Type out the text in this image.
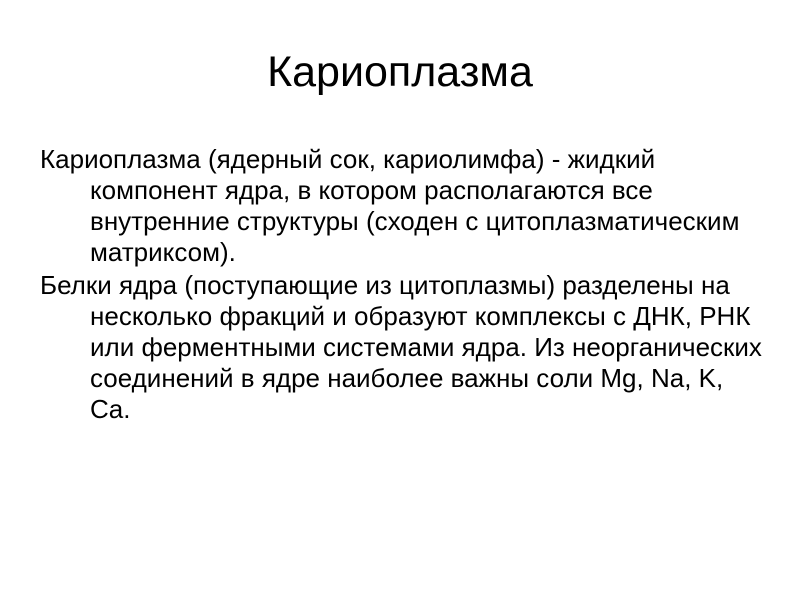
Кариоплазма

Кариоплазма (ядерный сок, кариолимфа) - жидкий компонент ядра, в котором располагаются все внутренние структуры (сходен с цитоплазматическим матриксом).

Белки ядра (поступающие из цитоплазмы) разделены на несколько фракций и образуют комплексы с ДНК, РНК или ферментными системами ядра. Из неорганических соединений в ядре наиболее важны соли Mg, Na, K, Ca.
